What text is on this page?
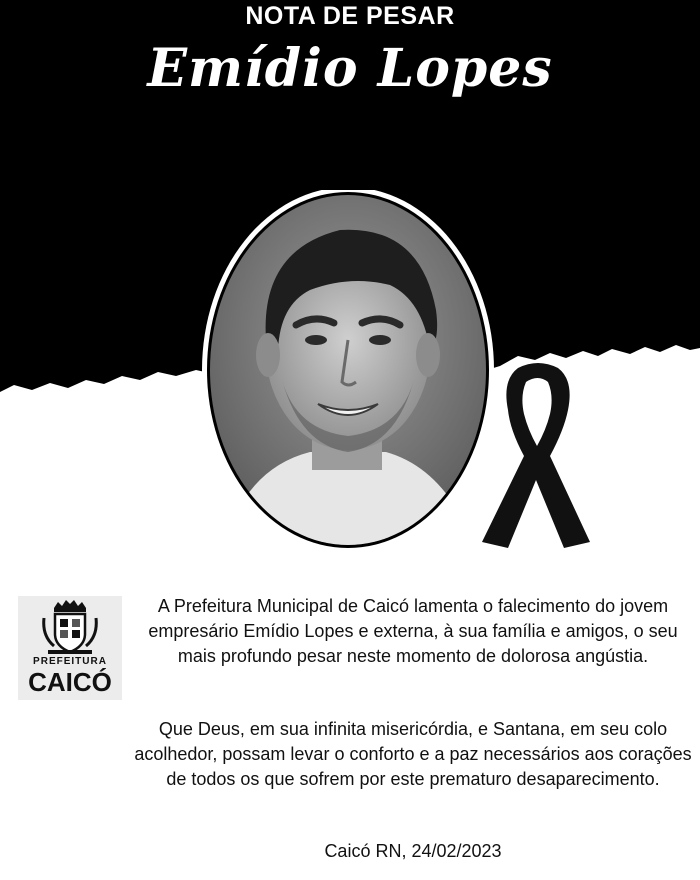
NOTA DE PESAR
Emídio Lopes
PREFEITURA
CAICÓ

A Prefeitura Municipal de Caicó lamenta o falecimento do jovem empresário Emídio Lopes e externa, à sua família e amigos, o seu mais profundo pesar neste momento de dolorosa angústia.

Que Deus, em sua infinita misericórdia, e Santana, em seu colo acolhedor, possam levar o conforto e a paz necessários aos corações de todos os que sofrem por este prematuro desaparecimento.

Caicó RN, 24/02/2023
